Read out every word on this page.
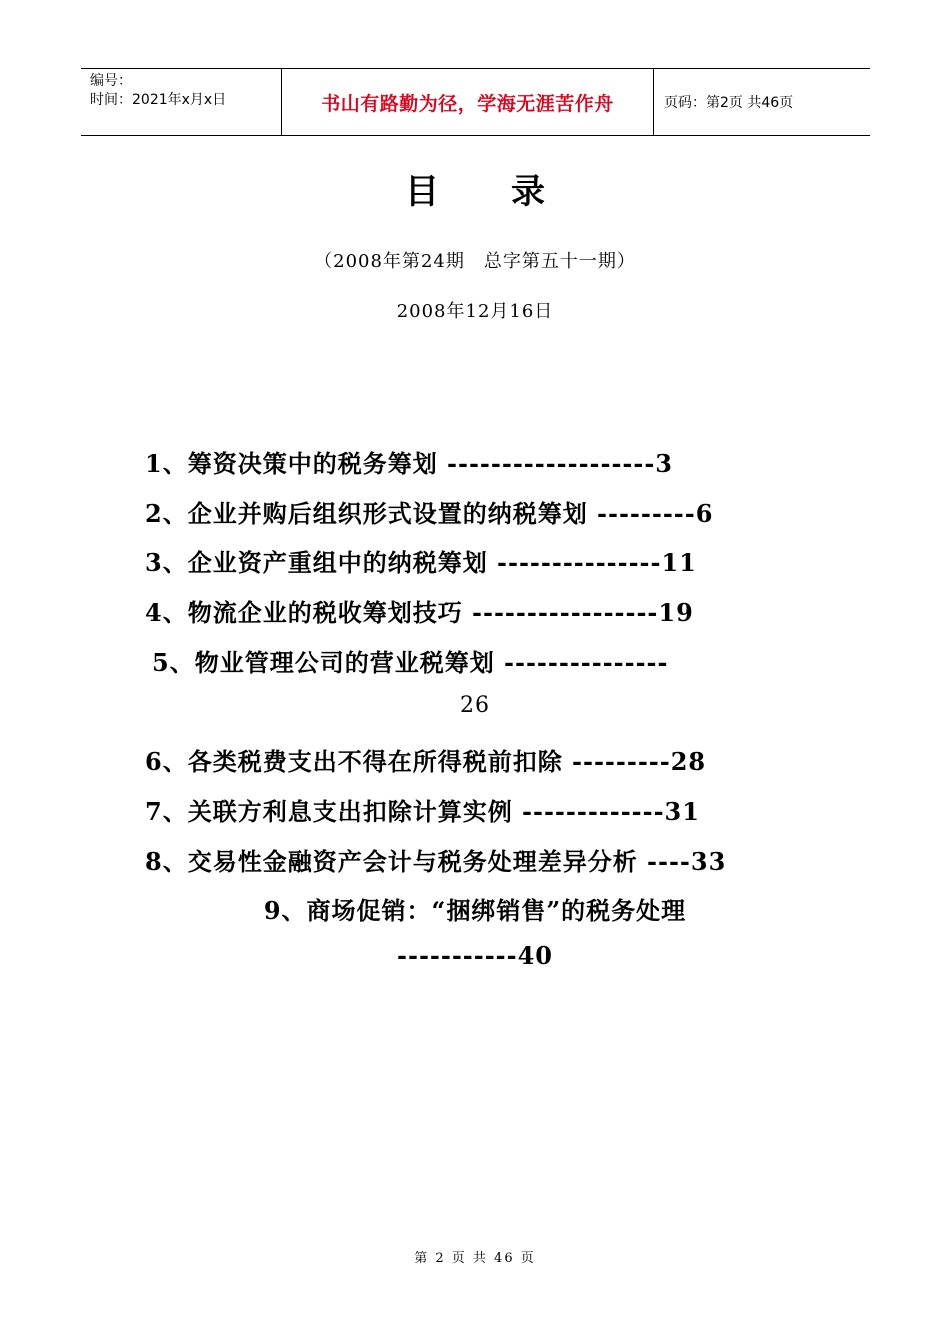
编号：
时间：2021年x月x日	书山有路勤为径，学海无涯苦作舟	页码：第2页 共46页
目 录
（2008年第24期　总字第五十一期）
2008年12月16日
1、筹资决策中的税务筹划 -------------------3
2、企业并购后组织形式设置的纳税筹划 ---------6
3、企业资产重组中的纳税筹划 ---------------11
4、物流企业的税收筹划技巧 -----------------19
5、物业管理公司的营业税筹划 ---------------
26
6、各类税费支出不得在所得税前扣除 ---------28
7、关联方利息支出扣除计算实例 -------------31
8、交易性金融资产会计与税务处理差异分析 ----33
9、商场促销：“捆绑销售”的税务处理
-----------40
第 2 页 共 46 页
